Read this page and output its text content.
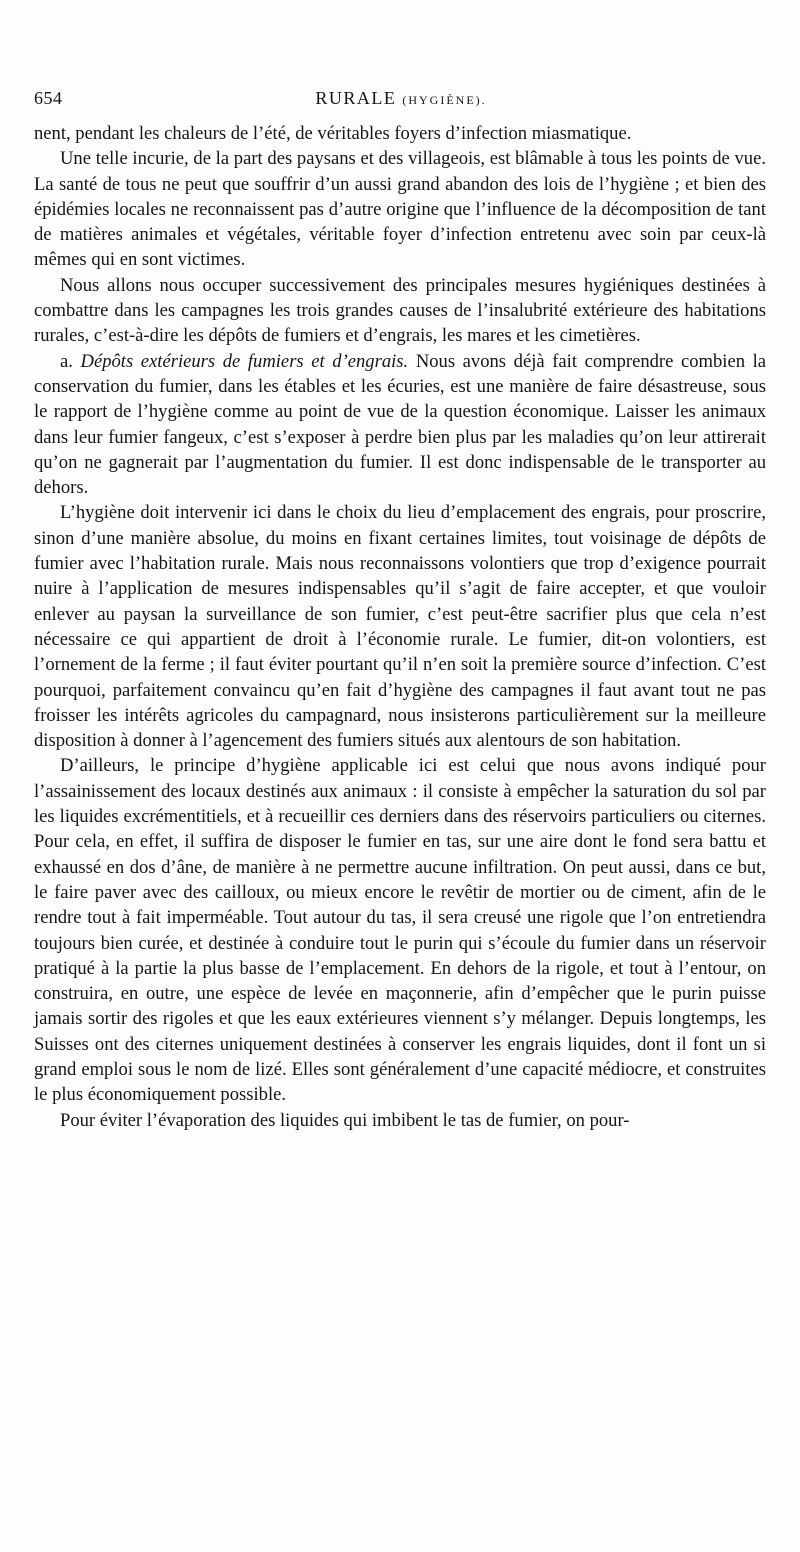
654	RURALE (HYGIÈNE).

nent, pendant les chaleurs de l’été, de véritables foyers d’infection miasmatique.

Une telle incurie, de la part des paysans et des villageois, est blâmable à tous les points de vue. La santé de tous ne peut que souffrir d’un aussi grand abandon des lois de l’hygiène ; et bien des épidémies locales ne reconnaissent pas d’autre origine que l’influence de la décomposition de tant de matières animales et végétales, véritable foyer d’infection entretenu avec soin par ceux-là mêmes qui en sont victimes.

Nous allons nous occuper successivement des principales mesures hygiéniques destinées à combattre dans les campagnes les trois grandes causes de l’insalubrité extérieure des habitations rurales, c’est-à-dire les dépôts de fumiers et d’engrais, les mares et les cimetières.

a. Dépôts extérieurs de fumiers et d’engrais. Nous avons déjà fait comprendre combien la conservation du fumier, dans les étables et les écuries, est une manière de faire désastreuse, sous le rapport de l’hygiène comme au point de vue de la question économique. Laisser les animaux dans leur fumier fangeux, c’est s’exposer à perdre bien plus par les maladies qu’on leur attirerait qu’on ne gagnerait par l’augmentation du fumier. Il est donc indispensable de le transporter au dehors.

L’hygiène doit intervenir ici dans le choix du lieu d’emplacement des engrais, pour proscrire, sinon d’une manière absolue, du moins en fixant certaines limites, tout voisinage de dépôts de fumier avec l’habitation rurale. Mais nous reconnaissons volontiers que trop d’exigence pourrait nuire à l’application de mesures indispensables qu’il s’agit de faire accepter, et que vouloir enlever au paysan la surveillance de son fumier, c’est peut-être sacrifier plus que cela n’est nécessaire ce qui appartient de droit à l’économie rurale. Le fumier, dit-on volontiers, est l’ornement de la ferme ; il faut éviter pourtant qu’il n’en soit la première source d’infection. C’est pourquoi, parfaitement convaincu qu’en fait d’hygiène des campagnes il faut avant tout ne pas froisser les intérêts agricoles du campagnard, nous insisterons particulièrement sur la meilleure disposition à donner à l’agencement des fumiers situés aux alentours de son habitation.

D’ailleurs, le principe d’hygiène applicable ici est celui que nous avons indiqué pour l’assainissement des locaux destinés aux animaux : il consiste à empêcher la saturation du sol par les liquides excrémentitiels, et à recueillir ces derniers dans des réservoirs particuliers ou citernes. Pour cela, en effet, il suffira de disposer le fumier en tas, sur une aire dont le fond sera battu et exhaussé en dos d’âne, de manière à ne permettre aucune infiltration. On peut aussi, dans ce but, le faire paver avec des cailloux, ou mieux encore le revêtir de mortier ou de ciment, afin de le rendre tout à fait imperméable. Tout autour du tas, il sera creusé une rigole que l’on entretiendra toujours bien curée, et destinée à conduire tout le purin qui s’écoule du fumier dans un réservoir pratiqué à la partie la plus basse de l’emplacement. En dehors de la rigole, et tout à l’entour, on construira, en outre, une espèce de levée en maçonnerie, afin d’empêcher que le purin puisse jamais sortir des rigoles et que les eaux extérieures viennent s’y mélanger. Depuis longtemps, les Suisses ont des citernes uniquement destinées à conserver les engrais liquides, dont il font un si grand emploi sous le nom de lizé. Elles sont généralement d’une capacité médiocre, et construites le plus économiquement possible.

Pour éviter l’évaporation des liquides qui imbibent le tas de fumier, on pour-
